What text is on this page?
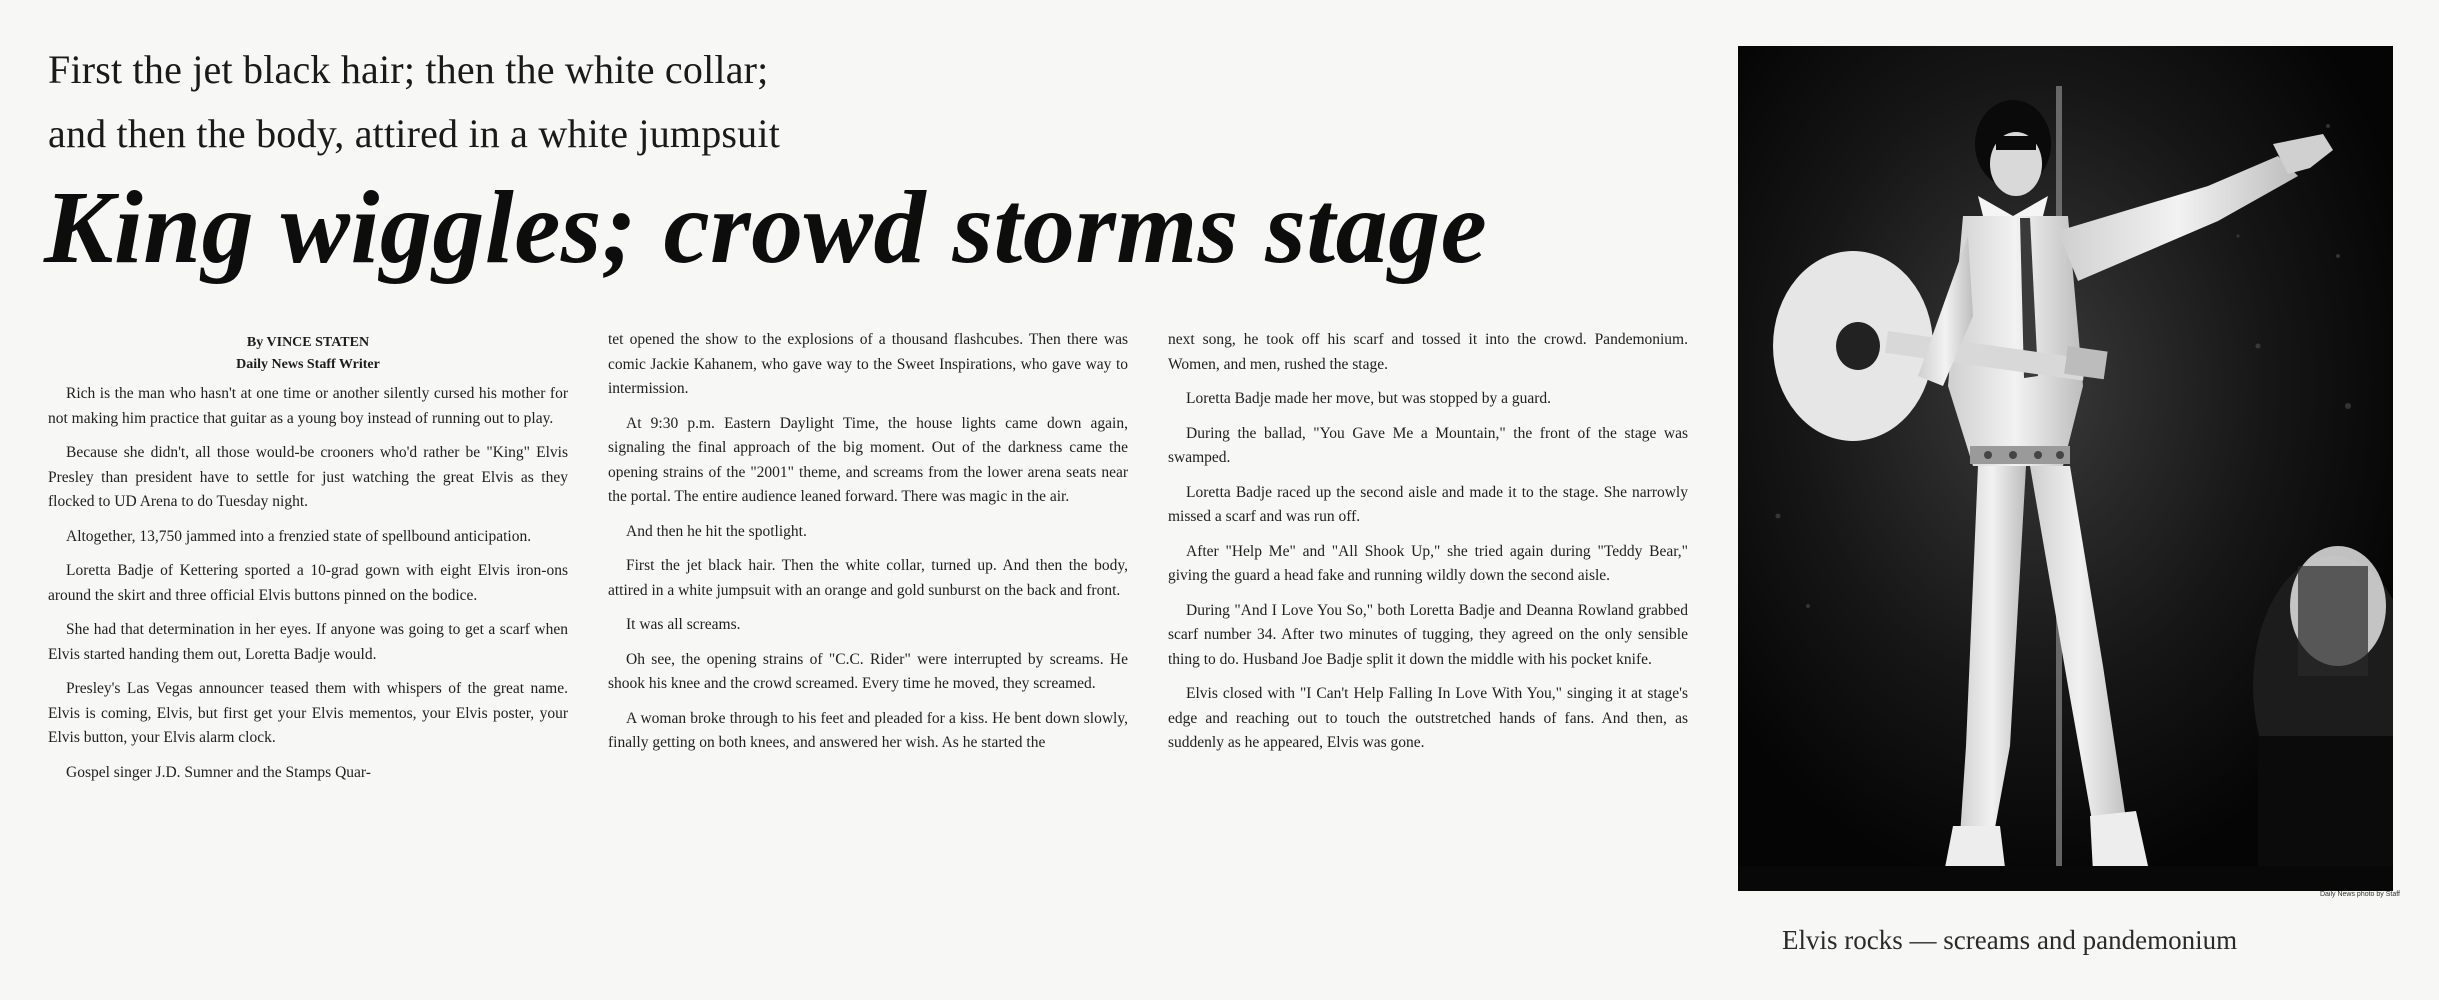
First the jet black hair; then the white collar;
and then the body, attired in a white jumpsuit
King wiggles; crowd storms stage
By VINCE STATEN
Daily News Staff Writer

Rich is the man who hasn't at one time or another silently cursed his mother for not making him practice that guitar as a young boy instead of running out to play.

Because she didn't, all those would-be crooners who'd rather be "King" Elvis Presley than president have to settle for just watching the great Elvis as they flocked to UD Arena to do Tuesday night.

Altogether, 13,750 jammed into a frenzied state of spellbound anticipation.

Loretta Badje of Kettering sported a 10-grad gown with eight Elvis iron-ons around the skirt and three official Elvis buttons pinned on the bodice.

She had that determination in her eyes. If anyone was going to get a scarf when Elvis started handing them out, Loretta Badje would.

Presley's Las Vegas announcer teased them with whispers of the great name. Elvis is coming, Elvis, but first get your Elvis mementos, your Elvis poster, your Elvis button, your Elvis alarm clock.

Gospel singer J.D. Sumner and the Stamps Quar-

tet opened the show to the explosions of a thousand flashcubes. Then there was comic Jackie Kahanem, who gave way to the Sweet Inspirations, who gave way to intermission.

At 9:30 p.m. Eastern Daylight Time, the house lights came down again, signaling the final approach of the big moment. Out of the darkness came the opening strains of the "2001" theme, and screams from the lower arena seats near the portal. The entire audience leaned forward. There was magic in the air.

And then he hit the spotlight.

First the jet black hair. Then the white collar, turned up. And then the body, attired in a white jumpsuit with an orange and gold sunburst on the back and front.

It was all screams.

Oh see, the opening strains of "C.C. Rider" were interrupted by screams. He shook his knee and the crowd screamed. Every time he moved, they screamed.

A woman broke through to his feet and pleaded for a kiss. He bent down slowly, finally getting on both knees, and answered her wish. As he started the

next song, he took off his scarf and tossed it into the crowd. Pandemonium. Women, and men, rushed the stage.

Loretta Badje made her move, but was stopped by a guard.

During the ballad, "You Gave Me a Mountain," the front of the stage was swamped.

Loretta Badje raced up the second aisle and made it to the stage. She narrowly missed a scarf and was run off.

After "Help Me" and "All Shook Up," she tried again during "Teddy Bear," giving the guard a head fake and running wildly down the second aisle.

During "And I Love You So," both Loretta Badje and Deanna Rowland grabbed scarf number 34. After two minutes of tugging, they agreed on the only sensible thing to do. Husband Joe Badje split it down the middle with his pocket knife.

Elvis closed with "I Can't Help Falling In Love With You," singing it at stage's edge and reaching out to touch the outstretched hands of fans. And then, as suddenly as he appeared, Elvis was gone.

Daily News photo by Staff
Elvis rocks — screams and pandemonium
